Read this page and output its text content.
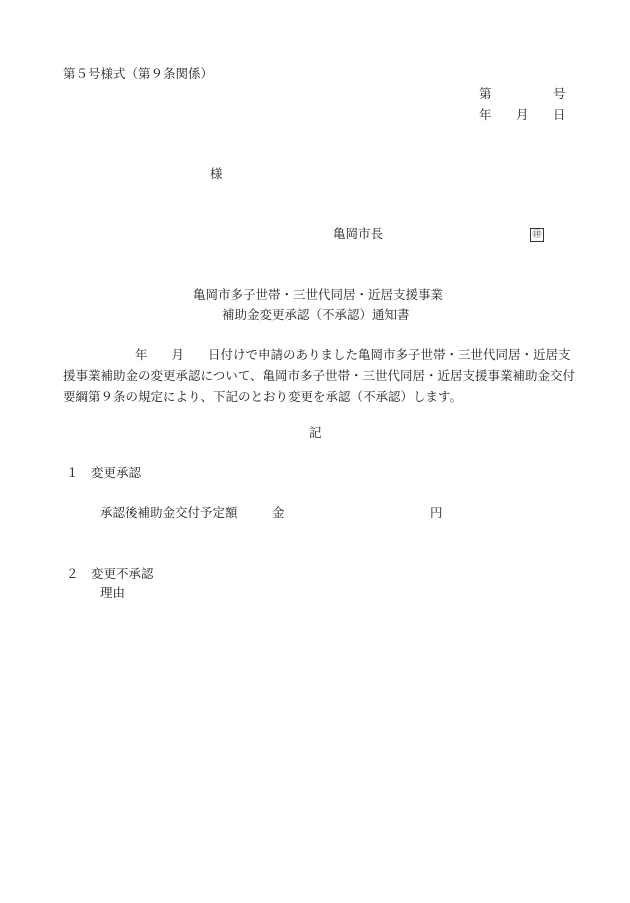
第５号様式（第９条関係）
第	号
年 月 日
様
亀岡市長	㊞
亀岡市多子世帯・三世代同居・近居支援事業
補助金変更承認（不承認）通知書
年 月 日付けで申請のありました亀岡市多子世帯・三世代同居・近居支
援事業補助金の変更承認について、亀岡市多子世帯・三世代同居・近居支援事業補助金交付
要綱第９条の規定により、下記のとおり変更を承認（不承認）します。
記
１　変更承認
承認後補助金交付予定額	金	円
２　変更不承認
理由
